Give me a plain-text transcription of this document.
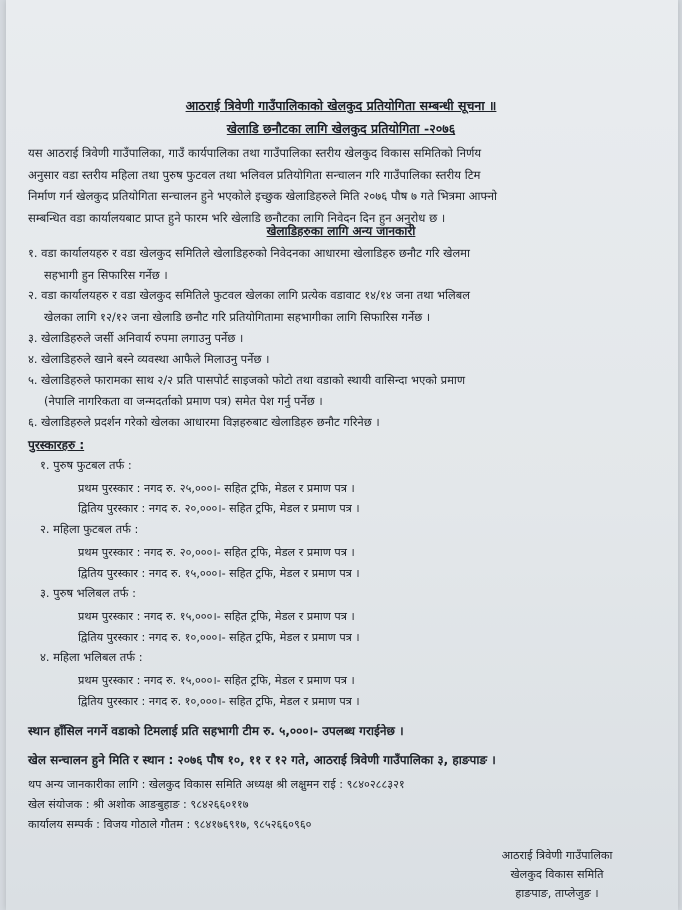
आठराई त्रिवेणी गाउँपालिकाको खेलकुद प्रतियोगिता सम्बन्धी सूचना ॥
खेलाडि छनौटका लागि खेलकुद प्रतियोगिता -२०७६
यस आठराई त्रिवेणी गाउँपालिका, गाउँ कार्यपालिका तथा गाउँपालिका स्तरीय खेलकुद विकास समितिको निर्णय
अनुसार वडा स्तरीय महिला तथा पुरुष फुटवल तथा भलिवल प्रतियोगिता सन्चालन गरि गाउँपालिका स्तरीय टिम
निर्माण गर्न खेलकुद प्रतियोगिता सन्चालन हुने भएकोले इच्छुक खेलाडिहरुले मिति २०७६ पौष ७ गते भित्रमा आफ्नो
सम्बन्धित वडा कार्यालयबाट प्राप्त हुने फारम भरि खेलाडि छनौटका लागि निवेदन दिन हुन अनुरोध छ ।
खेलाडिहरुका लागि अन्य जानकारी
१. वडा कार्यालयहरु र वडा खेलकुद समितिले खेलाडिहरुको निवेदनका आधारमा खेलाडिहरु छनौट गरि खेलमा
सहभागी हुन सिफारिस गर्नेछ ।
२. वडा कार्यालयहरु र वडा खेलकुद समितिले फुटवल खेलका लागि प्रत्येक वडावाट १४/१४ जना तथा भलिबल
खेलका लागि १२/१२ जना खेलाडि छनौट गरि प्रतियोगितामा सहभागीका लागि सिफारिस गर्नेछ ।
३. खेलाडिहरुले जर्सी अनिवार्य रुपमा लगाउनु पर्नेछ ।
४. खेलाडिहरुले खाने बस्ने व्यवस्था आफैले मिलाउनु पर्नेछ ।
५. खेलाडिहरुले फारामका साथ २/२ प्रति पासपोर्ट साइजको फोटो तथा वडाको स्थायी वासिन्दा भएको प्रमाण
(नेपालि नागरिकता वा जन्मदर्ताको प्रमाण पत्र) समेत पेश गर्नु पर्नेछ ।
६. खेलाडिहरुले प्रदर्शन गरेको खेलका आधारमा विज्ञहरुबाट खेलाडिहरु छनौट गरिनेछ ।
पुरस्कारहरु :
१. पुरुष फुटबल तर्फ :
प्रथम पुरस्कार : नगद रु. २५,०००।- सहित ट्रफि, मेडल र प्रमाण पत्र ।
द्वितिय पुरस्कार : नगद रु. २०,०००।- सहित ट्रफि, मेडल र प्रमाण पत्र ।
२. महिला फुटबल तर्फ :
प्रथम पुरस्कार : नगद रु. २०,०००।- सहित ट्रफि, मेडल र प्रमाण पत्र ।
द्वितिय पुरस्कार : नगद रु. १५,०००।- सहित ट्रफि, मेडल र प्रमाण पत्र ।
३. पुरुष भलिबल तर्फ :
प्रथम पुरस्कार : नगद रु. १५,०००।- सहित ट्रफि, मेडल र प्रमाण पत्र ।
द्वितिय पुरस्कार : नगद रु. १०,०००।- सहित ट्रफि, मेडल र प्रमाण पत्र ।
४. महिला भलिबल तर्फ :
प्रथम पुरस्कार : नगद रु. १५,०००।- सहित ट्रफि, मेडल र प्रमाण पत्र ।
द्वितिय पुरस्कार : नगद रु. १०,०००।- सहित ट्रफि, मेडल र प्रमाण पत्र ।
स्थान हाँसिल नगर्ने वडाको टिमलाई प्रति सहभागी टीम रु. ५,०००।- उपलब्ध गराईनेछ ।
खेल सन्चालन हुने मिति र स्थान : २०७६ पौष १०, ११ र १२ गते, आठराई त्रिवेणी गाउँपालिका ३, हाङपाङ ।
थप अन्य जानकारीका लागि : खेलकुद विकास समिति अध्यक्ष श्री लक्षुमन राई : ९८४०२८८३२१
खेल संयोजक : श्री अशोक आङबुहाङ : ९८४२६६०११७
कार्यालय सम्पर्क : विजय गोठाले गौतम : ९८४१७६९१७, ९८५२६६०९६०
आठराई त्रिवेणी गाउँपालिका
खेलकुद विकास समिति
हाङपाङ, ताप्लेजुङ ।
